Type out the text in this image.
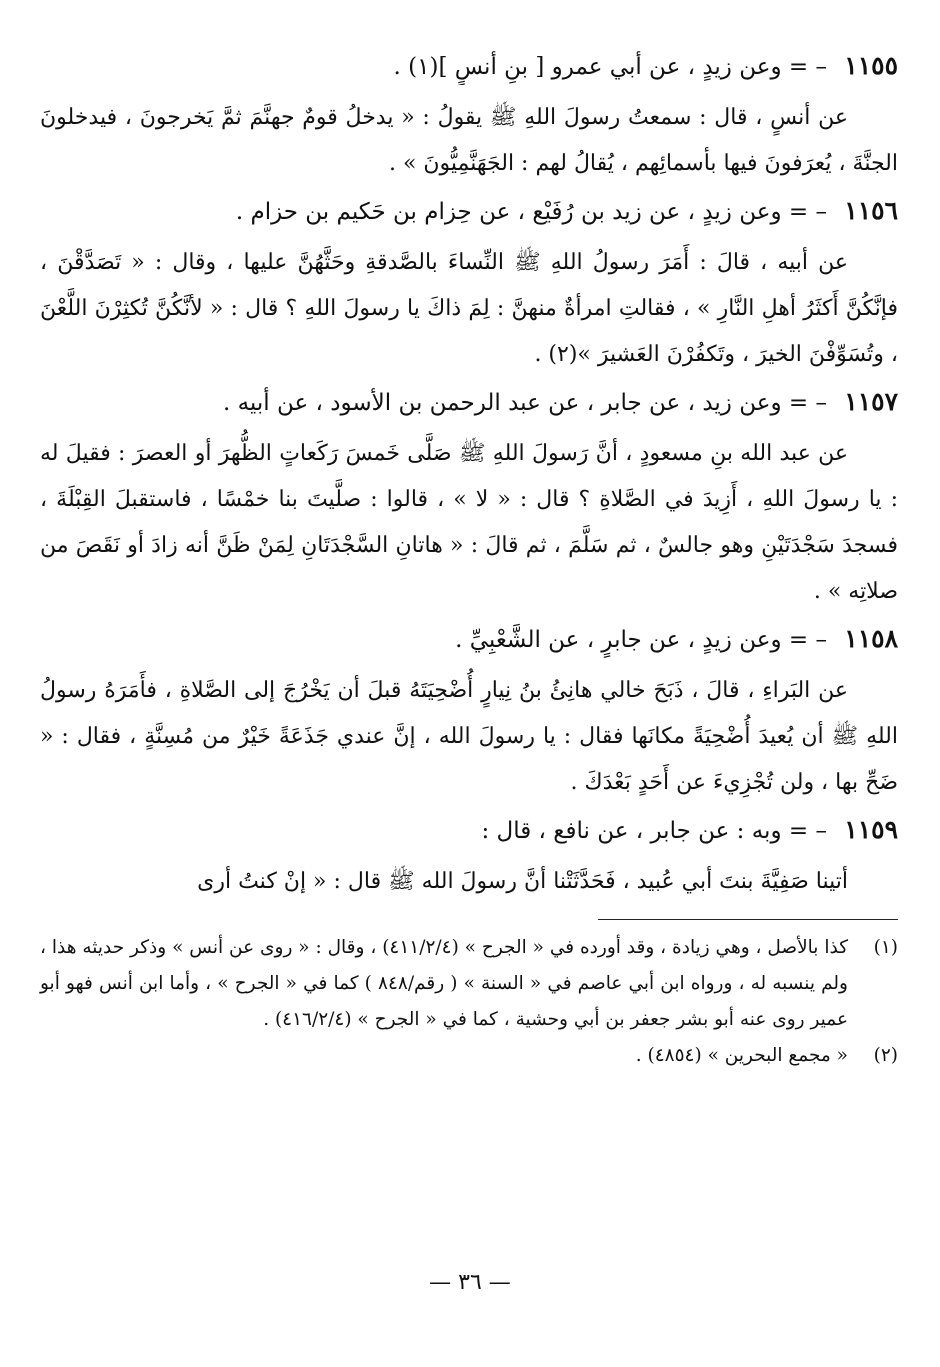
١١٥٥ – = وعن زيدٍ ، عن أبي عمرو [ بنِ أنسٍ ](١) .

عن أنسٍ ، قال : سمعتُ رسولَ اللهِ ﷺ يقولُ : « يدخلُ قومٌ جهنَّمَ ثمَّ يَخرجونَ ، فيدخلونَ الجنَّةَ ، يُعرَفونَ فيها بأسمائِهم ، يُقالُ لهم : الجَهَنَّمِيُّونَ » .

١١٥٦ – = وعن زيدٍ ، عن زيد بن رُفَيْع ، عن حِزام بن حَكيم بن حزام .

عن أبيه ، قالَ : أَمَرَ رسولُ اللهِ ﷺ النِّساءَ بالصَّدقةِ وحَثَّهُنَّ عليها ، وقال : « تَصَدَّقْنَ ، فإنَّكُنَّ أَكثَرُ أهلِ النَّارِ » ، فقالتِ امرأةٌ منهنَّ : لِمَ ذاكَ يا رسولَ اللهِ ؟ قال : « لأنَّكُنَّ تُكثِرْنَ اللَّعْنَ ، وتُسَوِّفْنَ الخيرَ ، وتَكفُرْنَ العَشيرَ »(٢) .

١١٥٧ – = وعن زيد ، عن جابر ، عن عبد الرحمن بن الأسود ، عن أبيه .

عن عبد الله بنِ مسعودٍ ، أنَّ رَسولَ اللهِ ﷺ صَلَّى خَمسَ رَكَعاتٍ الظُّهرَ أو العصرَ : فقيلَ له : يا رسولَ اللهِ ، أَزِيدَ في الصَّلاةِ ؟ قال : « لا » ، قالوا : صلَّيتَ بنا خمْسًا ، فاستقبلَ القِبْلَةَ ، فسجدَ سَجْدَتَيْنِ وهو جالسٌ ، ثم سَلَّمَ ، ثم قالَ : « هاتانِ السَّجْدَتَانِ لِمَنْ ظَنَّ أنه زادَ أو نَقَصَ من صلاتِه » .

١١٥٨ – = وعن زيدٍ ، عن جابرٍ ، عن الشَّعْبِيِّ .

عن البَراءِ ، قالَ ، ذَبَحَ خالي هانِئُ بنُ نِيارٍ أُضْحِيَتَهُ قبلَ أن يَخْرُجَ إلى الصَّلاةِ ، فأَمَرَهُ رسولُ اللهِ ﷺ أن يُعيدَ أُضْحِيَةً مكانَها فقال : يا رسولَ الله ، إنَّ عندي جَذَعَةً خَيْرٌ من مُسِنَّةٍ ، فقال : « ضَحِّ بها ، ولن تُجْزِيءَ عن أَحَدٍ بَعْدَكَ .

١١٥٩ – = وبه : عن جابر ، عن نافع ، قال :

أتينا صَفِيَّةَ بنتَ أبي عُبيد ، فَحَدَّثَتْنا أنَّ رسولَ الله ﷺ قال : « إنْ كنتُ أرى

(١)
كذا بالأصل ، وهي زيادة ، وقد أورده في « الجرح » (٤١١/٢/٤) ، وقال : « روى عن أنس » وذكر حديثه هذا ، ولم ينسبه له ، ورواه ابن أبي عاصم في « السنة » ( رقم/٨٤٨ ) كما في « الجرح » ، وأما ابن أنس فهو أبو عمير روى عنه أبو بشر جعفر بن أبي وحشية ، كما في « الجرح » (٤١٦/٢/٤) .
(٢)
« مجمع البحرين » (٤٨٥٤) .
— ٣٦ —
